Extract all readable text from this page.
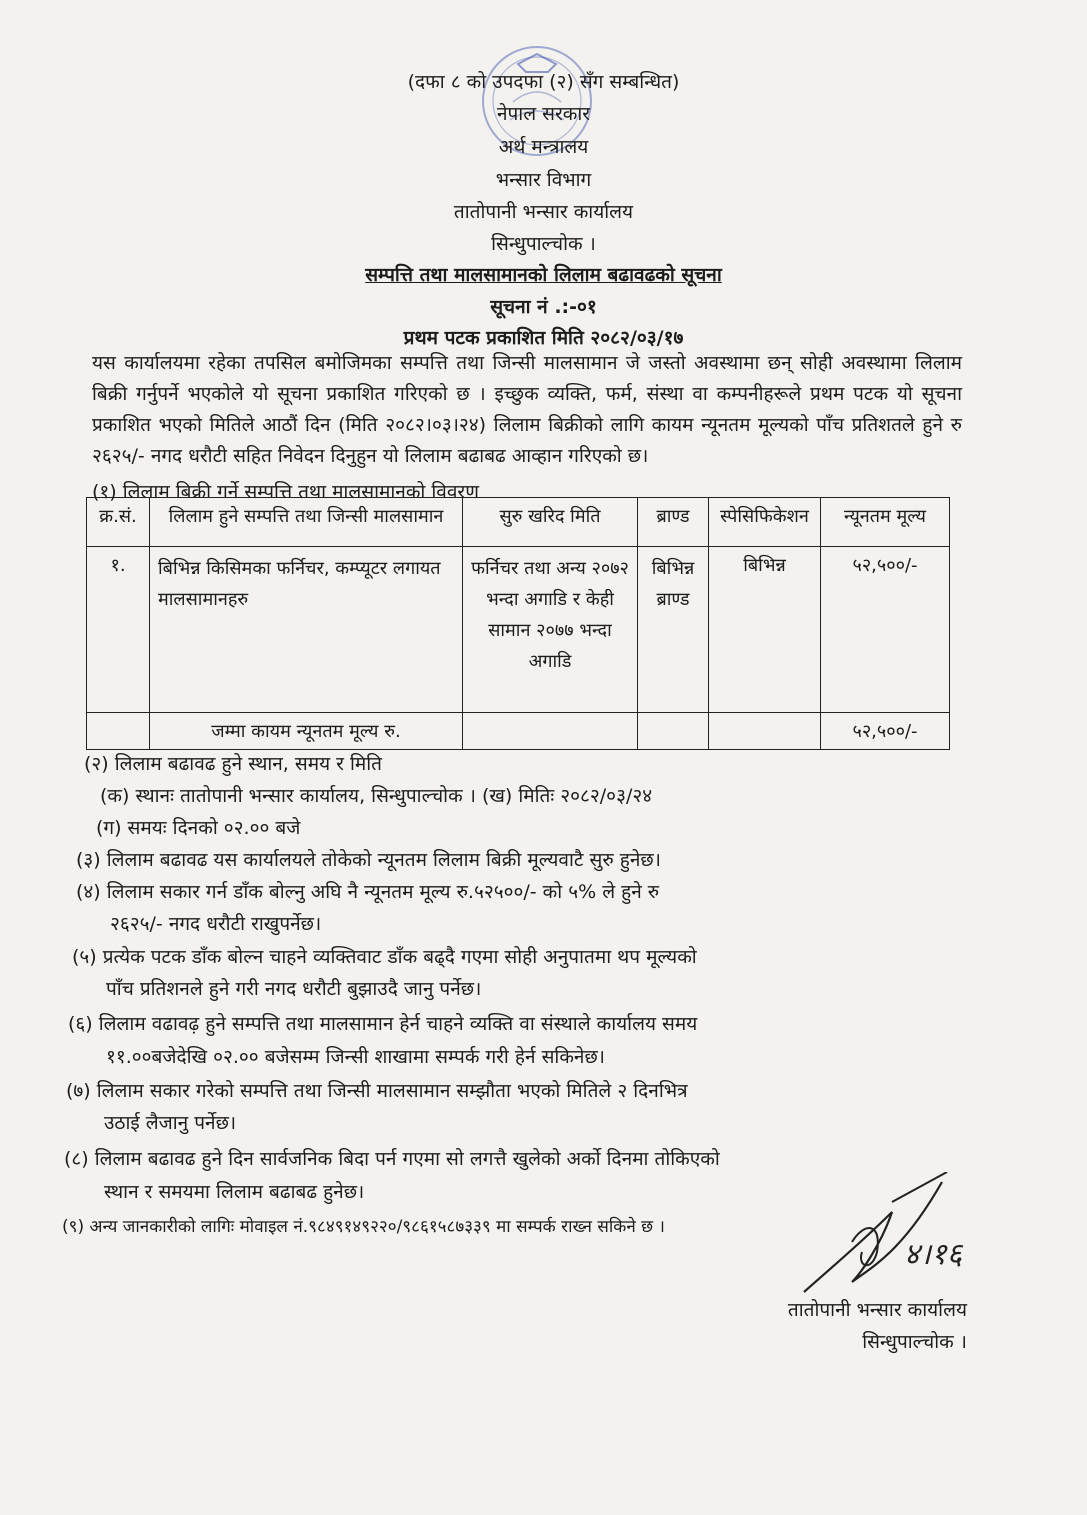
(दफा ८ को उपदफा (२) सँग सम्बन्धित)
नेपाल सरकार
अर्थ मन्त्रालय
भन्सार विभाग
तातोपानी भन्सार कार्यालय
सिन्धुपाल्चोक ।
सम्पत्ति तथा मालसामानको लिलाम बढावढको सूचना
सूचना नं .:-०१
प्रथम पटक प्रकाशित मिति २०८२/०३/१७
यस कार्यालयमा रहेका तपसिल बमोजिमका सम्पत्ति तथा जिन्सी मालसामान जे जस्तो अवस्थामा छन् सोही अवस्थामा लिलाम बिक्री गर्नुपर्ने भएकोले यो सूचना प्रकाशित गरिएको छ । इच्छुक व्यक्ति, फर्म, संस्था वा कम्पनीहरूले प्रथम पटक यो सूचना प्रकाशित भएको मितिले आठौं दिन (मिति २०८२।०३।२४) लिलाम बिक्रीको लागि कायम न्यूनतम मूल्यको पाँच प्रतिशतले हुने रु २६२५/- नगद धरौटी सहित निवेदन दिनुहुन यो लिलाम बढाबढ आव्हान गरिएको छ।
(१) लिलाम बिक्री गर्ने सम्पत्ति तथा मालसामानको विवरण
क्र.सं.	लिलाम हुने सम्पत्ति तथा जिन्सी मालसामान	सुरु खरिद मिति	ब्राण्ड	स्पेसिफिकेशन	न्यूनतम मूल्य
१.	बिभिन्न किसिमका फर्निचर, कम्प्यूटर लगायत मालसामानहरु	फर्निचर तथा अन्य २०७२ भन्दा अगाडि र केही सामान २०७७ भन्दा अगाडि	बिभिन्न ब्राण्ड	बिभिन्न	५२,५००/-
	जम्मा कायम न्यूनतम मूल्य रु.				५२,५००/-
(२) लिलाम बढावढ हुने स्थान, समय र मिति
(क) स्थानः तातोपानी भन्सार कार्यालय, सिन्धुपाल्चोक । (ख) मितिः २०८२/०३/२४
(ग) समयः दिनको ०२.०० बजे
(३) लिलाम बढावढ यस कार्यालयले तोकेको न्यूनतम लिलाम बिक्री मूल्यवाटै सुरु हुनेछ।
(४) लिलाम सकार गर्न डाँक बोल्नु अघि नै न्यूनतम मूल्य रु.५२५००/- को ५% ले हुने रु
२६२५/- नगद धरौटी राखुपर्नेछ।
(५) प्रत्येक पटक डाँक बोल्न चाहने व्यक्तिवाट डाँक बढ्दै गएमा सोही अनुपातमा थप मूल्यको
पाँच प्रतिशनले हुने गरी नगद धरौटी बुझाउदै जानु पर्नेछ।
(६) लिलाम वढावढ़ हुने सम्पत्ति तथा मालसामान हेर्न चाहने व्यक्ति वा संस्थाले कार्यालय समय
११.००बजेदेखि ०२.०० बजेसम्म जिन्सी शाखामा सम्पर्क गरी हेर्न सकिनेछ।
(७) लिलाम सकार गरेको सम्पत्ति तथा जिन्सी मालसामान सम्झौता भएको मितिले २ दिनभित्र
उठाई लैजानु पर्नेछ।
(८) लिलाम बढावढ हुने दिन सार्वजनिक बिदा पर्न गएमा सो लगत्तै खुलेको अर्को दिनमा तोकिएको
स्थान र समयमा लिलाम बढाबढ हुनेछ।
(९) अन्य जानकारीको लागिः मोवाइल नं.९८४९१४९२२०/९८६१५८७३३९ मा सम्पर्क राख्न सकिने छ ।
४।१६
तातोपानी भन्सार कार्यालय
सिन्धुपाल्चोक ।
